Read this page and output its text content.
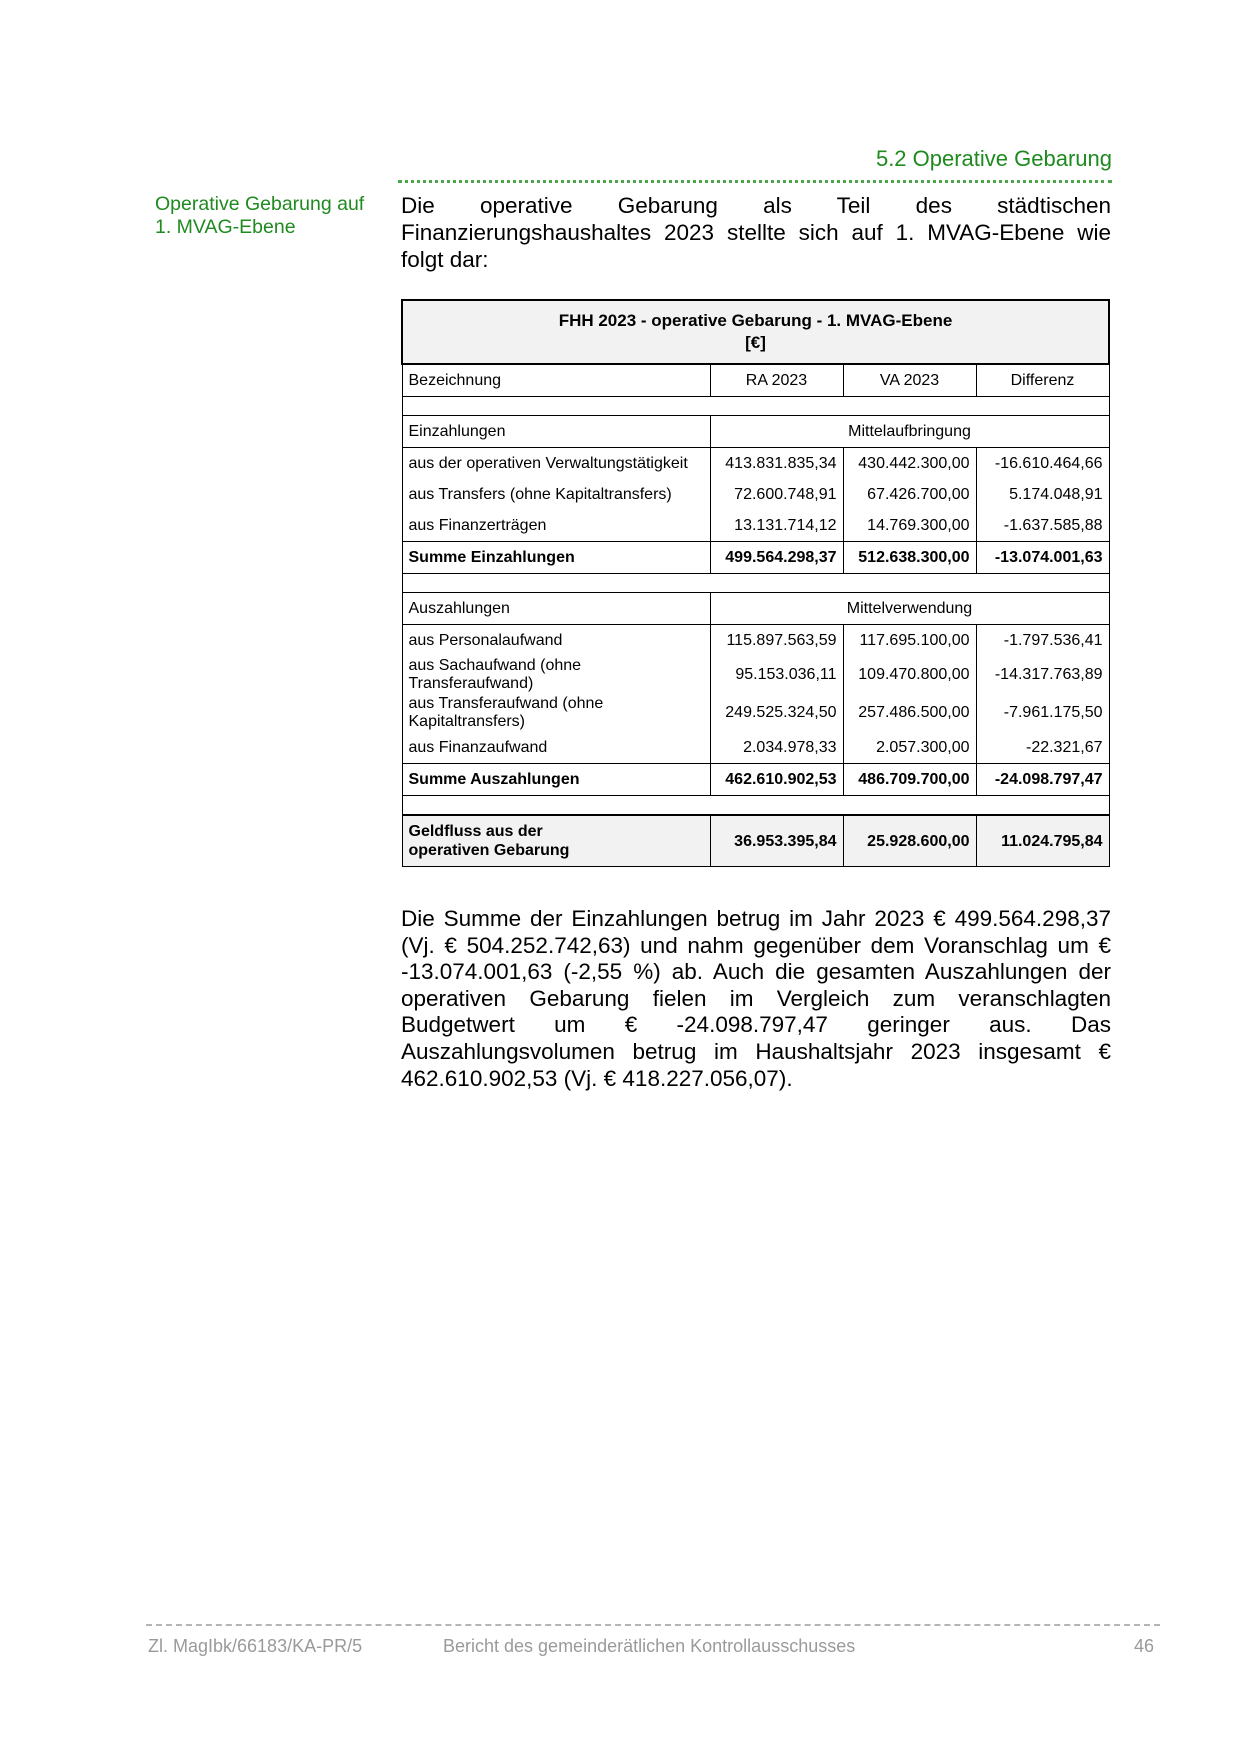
5.2 Operative Gebarung
Operative Gebarung auf
1. MVAG-Ebene
Die operative Gebarung als Teil des städtischen Finanzierungshaushaltes 2023 stellte sich auf 1. MVAG-Ebene wie folgt dar:
FHH 2023 - operative Gebarung - 1. MVAG-Ebene
[€]			

Bezeichnung	RA 2023	VA 2023	Differenz

Einzahlungen	Mittelaufbringung		
aus der operativen Verwaltungstätigkeit	413.831.835,34	430.442.300,00	-16.610.464,66
aus Transfers (ohne Kapitaltransfers)	72.600.748,91	67.426.700,00	5.174.048,91
aus Finanzerträgen	13.131.714,12	14.769.300,00	-1.637.585,88
Summe Einzahlungen	499.564.298,37	512.638.300,00	-13.074.001,63

Auszahlungen	Mittelverwendung		
aus Personalaufwand	115.897.563,59	117.695.100,00	-1.797.536,41
aus Sachaufwand (ohne Transferaufwand)	95.153.036,11	109.470.800,00	-14.317.763,89
aus Transferaufwand (ohne Kapitaltransfers)	249.525.324,50	257.486.500,00	-7.961.175,50
aus Finanzaufwand	2.034.978,33	2.057.300,00	-22.321,67
Summe Auszahlungen	462.610.902,53	486.709.700,00	-24.098.797,47

Geldfluss aus der
operativen Gebarung	36.953.395,84	25.928.600,00	11.024.795,84
Die Summe der Einzahlungen betrug im Jahr 2023 € 499.564.298,37 (Vj. € 504.252.742,63) und nahm gegenüber dem Voranschlag um € -13.074.001,63 (-2,55 %) ab. Auch die gesamten Auszahlungen der operativen Gebarung fielen im Vergleich zum veranschlagten Budgetwert um € -24.098.797,47 geringer aus. Das Auszahlungsvolumen betrug im Haushaltsjahr 2023 insgesamt € 462.610.902,53 (Vj. € 418.227.056,07).
Zl. MagIbk/66183/KA-PR/5	Bericht des gemeinderätlichen Kontrollausschusses	46
